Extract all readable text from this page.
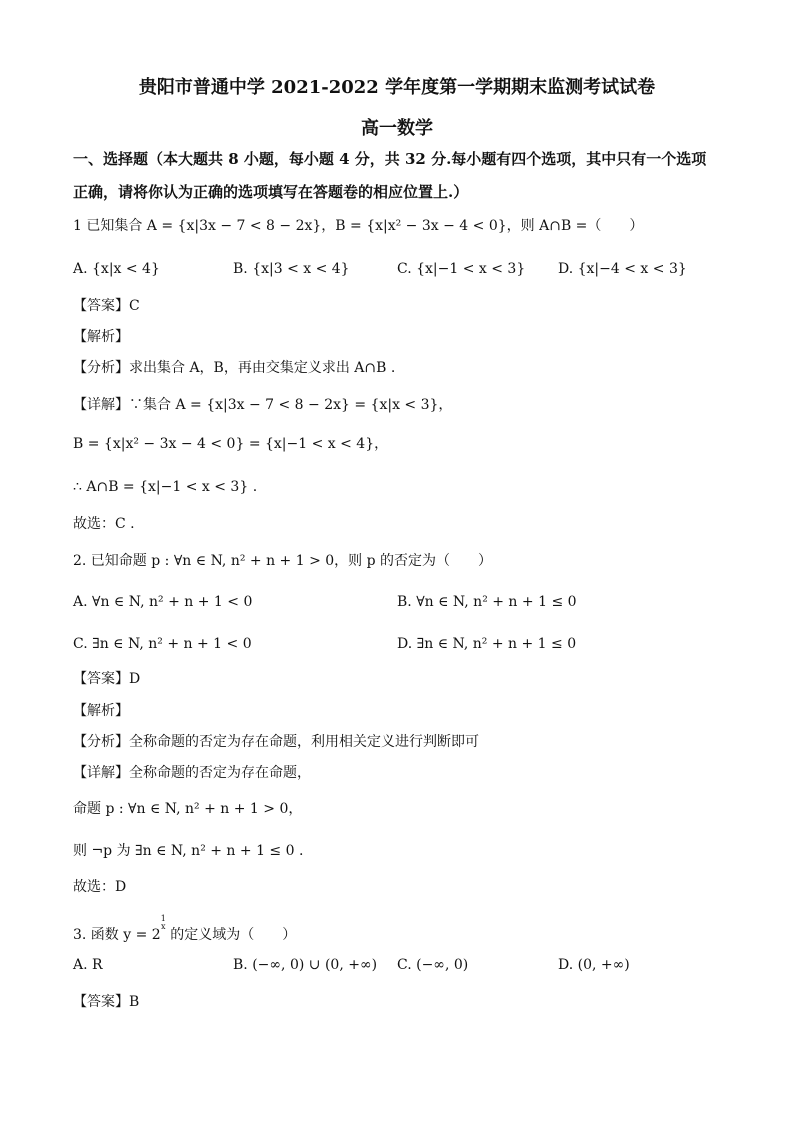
贵阳市普通中学 2021-2022 学年度第一学期期末监测考试试卷
高一数学
一、选择题（本大题共 8 小题，每小题 4 分，共 32 分.每小题有四个选项，其中只有一个选项
正确，请将你认为正确的选项填写在答题卷的相应位置上.）
1 已知集合 A = {x|3x − 7 < 8 − 2x}，B = {x|x² − 3x − 4 < 0}，则 A∩B =（　　）
A. {x|x < 4}	B. {x|3 < x < 4}	C. {x|−1 < x < 3} D. {x|−4 < x < 3}
【答案】C
【解析】
【分析】求出集合 A，B，再由交集定义求出 A∩B .
【详解】∵集合 A = {x|3x − 7 < 8 − 2x} = {x|x < 3}，
B = {x|x² − 3x − 4 < 0} = {x|−1 < x < 4}，
∴ A∩B = {x|−1 < x < 3} .
故选：C .
2. 已知命题 p : ∀n ∈ N, n² + n + 1 > 0，则 p 的否定为（　　）
A. ∀n ∈ N, n² + n + 1 < 0	B. ∀n ∈ N, n² + n + 1 ≤ 0
C. ∃n ∈ N, n² + n + 1 < 0	D. ∃n ∈ N, n² + n + 1 ≤ 0
【答案】D
【解析】
【分析】全称命题的否定为存在命题，利用相关定义进行判断即可
【详解】全称命题的否定为存在命题，
命题 p : ∀n ∈ N, n² + n + 1 > 0，
则 ¬p 为 ∃n ∈ N, n² + n + 1 ≤ 0 .
故选：D
3. 函数 y = 21
x 的定义域为（　　）
A. R	B. (−∞, 0) ∪ (0, +∞) C. (−∞, 0)	D. (0, +∞)
【答案】B
